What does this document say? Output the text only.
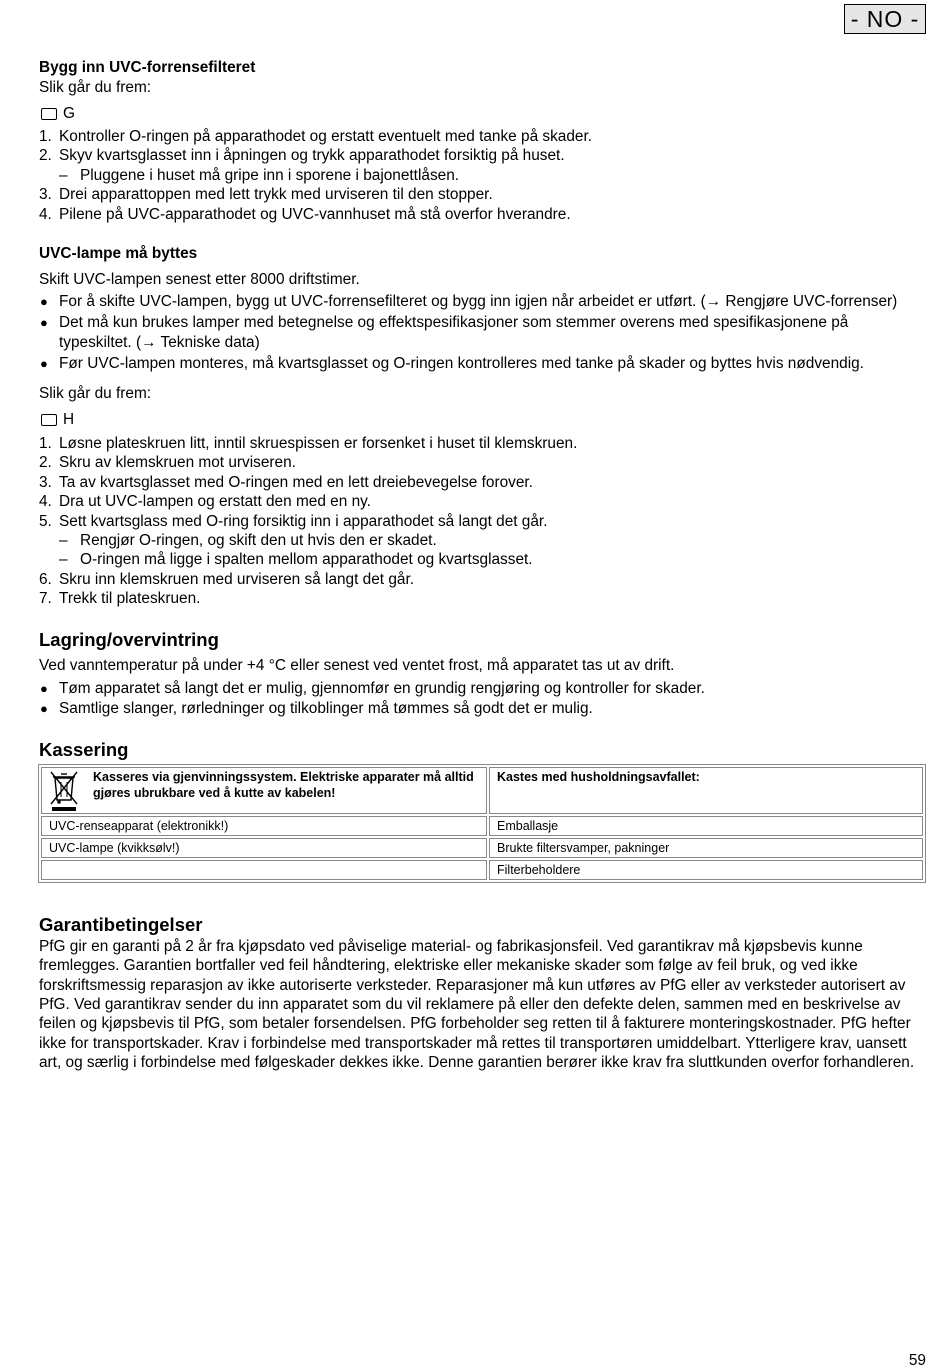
- NO -
Bygg inn UVC-forrensefilteret
Slik går du frem:
G
1. Kontroller O-ringen på apparathodet og erstatt eventuelt med tanke på skader.
2. Skyv kvartsglasset inn i åpningen og trykk apparathodet forsiktig på huset.
– Pluggene i huset må gripe inn i sporene i bajonettlåsen.
3. Drei apparattoppen med lett trykk med urviseren til den stopper.
4. Pilene på UVC-apparathodet og UVC-vannhuset må stå overfor hverandre.
UVC-lampe må byttes
Skift UVC-lampen senest etter 8000 driftstimer.
● For å skifte UVC-lampen, bygg ut UVC-forrensefilteret og bygg inn igjen når arbeidet er utført. (→ Rengjøre UVC-forrenser)
● Det må kun brukes lamper med betegnelse og effektspesifikasjoner som stemmer overens med spesifikasjonene på typeskiltet. (→ Tekniske data)
● Før UVC-lampen monteres, må kvartsglasset og O-ringen kontrolleres med tanke på skader og byttes hvis nødvendig.
Slik går du frem:
H
1. Løsne plateskruen litt, inntil skruespissen er forsenket i huset til klemskruen.
2. Skru av klemskruen mot urviseren.
3. Ta av kvartsglasset med O-ringen med en lett dreiebevegelse forover.
4. Dra ut UVC-lampen og erstatt den med en ny.
5. Sett kvartsglass med O-ring forsiktig inn i apparathodet så langt det går.
– Rengjør O-ringen, og skift den ut hvis den er skadet.
– O-ringen må ligge i spalten mellom apparathodet og kvartsglasset.
6. Skru inn klemskruen med urviseren så langt det går.
7. Trekk til plateskruen.
Lagring/overvintring
Ved vanntemperatur på under +4 °C eller senest ved ventet frost, må apparatet tas ut av drift.
● Tøm apparatet så langt det er mulig, gjennomfør en grundig rengjøring og kontroller for skader.
● Samtlige slanger, rørledninger og tilkoblinger må tømmes så godt det er mulig.
Kassering
Kasseres via gjenvinningssystem. Elektriske apparater må alltid gjøres ubrukbare ved å kutte av kabelen!	Kastes med husholdningsavfallet:
UVC-renseapparat (elektronikk!)	Emballasje
UVC-lampe (kvikksølv!)	Brukte filtersvamper, pakninger
	Filterbeholdere
Garantibetingelser
PfG gir en garanti på 2 år fra kjøpsdato ved påviselige material- og fabrikasjonsfeil. Ved garantikrav må kjøpsbevis kunne fremlegges. Garantien bortfaller ved feil håndtering, elektriske eller mekaniske skader som følge av feil bruk, og ved ikke forskriftsmessig reparasjon av ikke autoriserte verksteder. Reparasjoner må kun utføres av PfG eller av verksteder autorisert av PfG. Ved garantikrav sender du inn apparatet som du vil reklamere på eller den defekte delen, sammen med en beskrivelse av feilen og kjøpsbevis til PfG, som betaler forsendelsen. PfG forbeholder seg retten til å fakturere monteringskostnader. PfG hefter ikke for transportskader. Krav i forbindelse med transportskader må rettes til transportøren umiddelbart. Ytterligere krav, uansett art, og særlig i forbindelse med følgeskader dekkes ikke. Denne garantien berører ikke krav fra sluttkunden overfor forhandleren.
59
